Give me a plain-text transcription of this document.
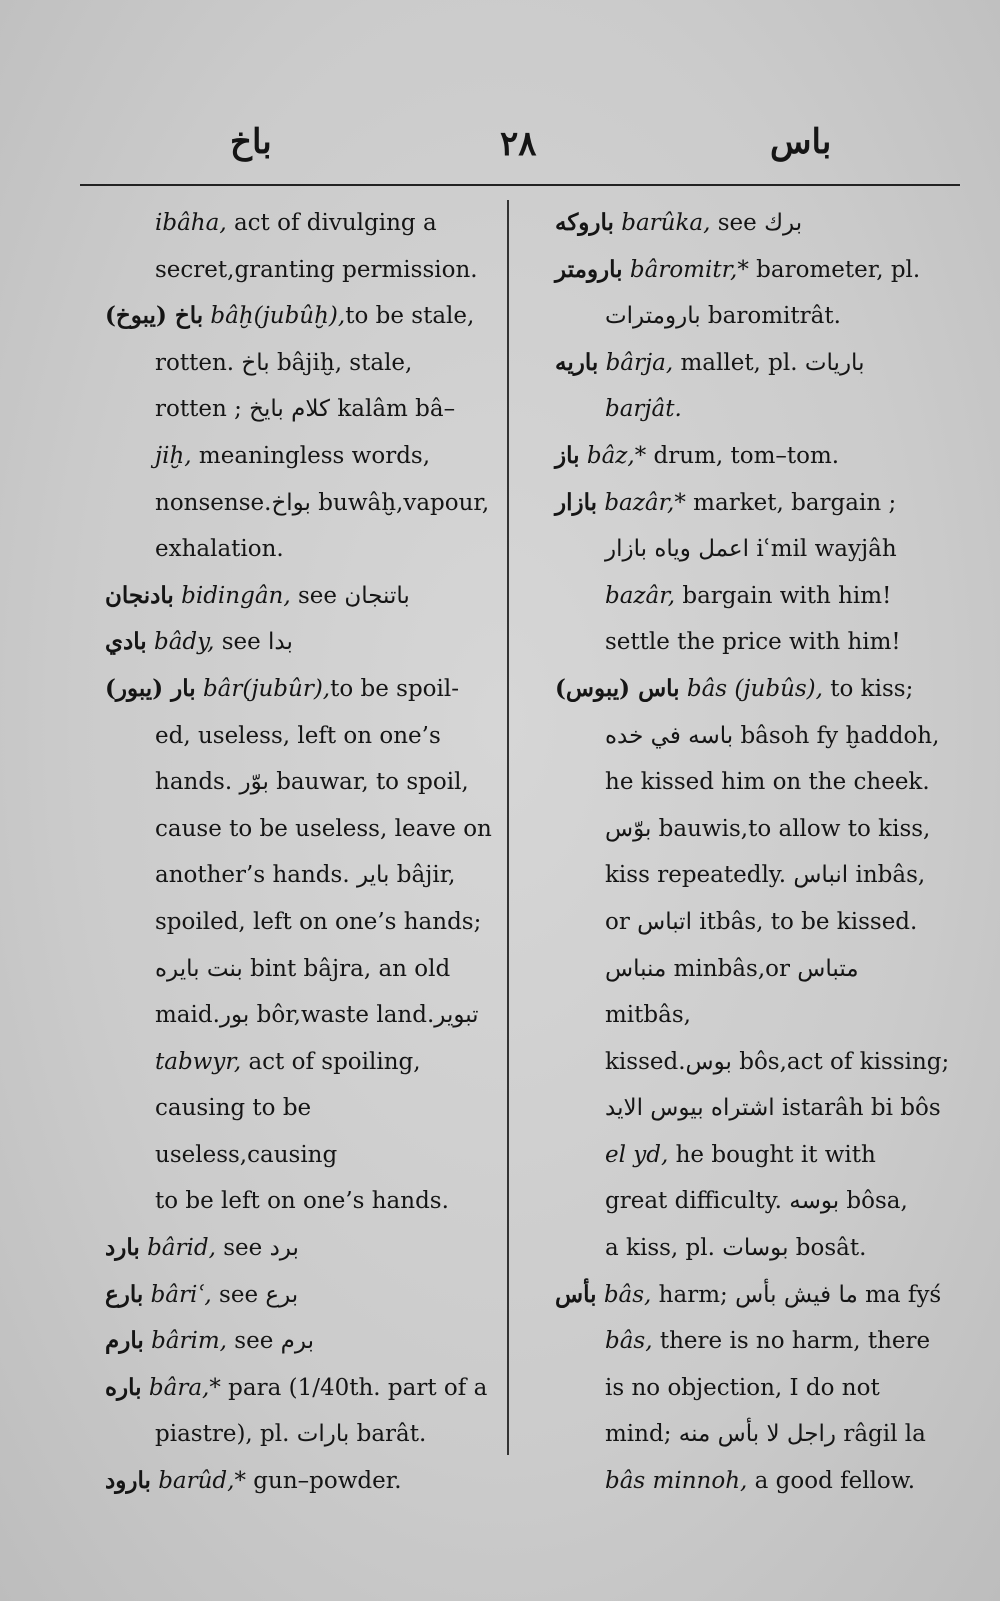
باخ	٢٨	باس
ibâha, act of divulging a
secret,granting permission.
باخ (يبوخ) bâḫ(jubûḫ),to be stale,
rotten. باخ bâjiḫ, stale,
rotten ; كلام بايخ kalâm bâ–
jiḫ, meaningless words,
nonsense.بواخ buwâḫ,vapour,
exhalation.
بادنجان bidingân, see باتنجان
بادي bâdy, see بدا
بار (يبور) bâr(jubûr),to be spoil-
ed, useless, left on one’s
hands. بوّر bauwar, to spoil,
cause to be useless, leave on
another’s hands. باير bâjir,
spoiled, left on one’s hands;
بنت بايره bint bâjra, an old
maid.بور bôr,waste land.تبوير
tabwyr, act of spoiling,
causing to be useless,causing
to be left on one’s hands.
بارد bârid, see برد
بارع bâriʿ, see برع
بارم bârim, see برم
باره bâra,* para (1/40th. part of a
piastre), pl. بارات barât.
بارود barûd,* gun–powder.
باروكه barûka, see برك
بارومتر bâromitr,* barometer, pl.
بارومترات baromitrât.
باريه bârja, mallet, pl. باريات
barjât.
باز bâz,* drum, tom–tom.
بازار bazâr,* market, bargain ;
اعمل وياه بازار iʿmil wayjâh
bazâr, bargain with him!
settle the price with him!
باس (يبوس) bâs (jubûs), to kiss;
باسه في خده bâsoh fy ḫaddoh,
he kissed him on the cheek.
بوّس bauwis,to allow to kiss,
kiss repeatedly. انباس inbâs,
or اتباس itbâs, to be kissed.
منباس minbâs,or متباس mitbâs,
kissed.بوس bôs,act of kissing;
اشتراه بيوس الايد istarâh bi bôs
el yd, he bought it with
great difficulty. بوسه bôsa,
a kiss, pl. بوسات bosât.
بأس bâs, harm; ما فيش بأس ma fyś
bâs, there is no harm, there
is no objection, I do not
mind; راجل لا بأس منه râgil la
bâs minnoh, a good fellow.
